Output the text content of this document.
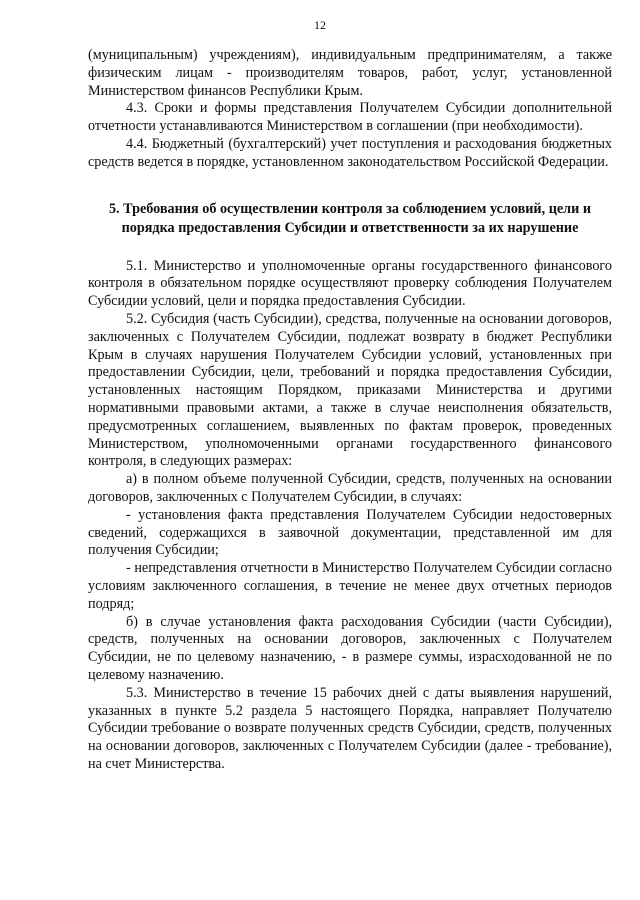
12

(муниципальным) учреждениям), индивидуальным предпринимателям, а также физическим лицам - производителям товаров, работ, услуг, установленной Министерством финансов Республики Крым.

4.3. Сроки и формы представления Получателем Субсидии дополнительной отчетности устанавливаются Министерством в соглашении (при необходимости).

4.4. Бюджетный (бухгалтерский) учет поступления и расходования бюджетных средств ведется в порядке, установленном законодательством Российской Федерации.

5. Требования об осуществлении контроля за соблюдением условий, цели и порядка предоставления Субсидии и ответственности за их нарушение

5.1. Министерство и уполномоченные органы государственного финансового контроля в обязательном порядке осуществляют проверку соблюдения Получателем Субсидии условий, цели и порядка предоставления Субсидии.

5.2. Субсидия (часть Субсидии), средства, полученные на основании договоров, заключенных с Получателем Субсидии, подлежат возврату в бюджет Республики Крым в случаях нарушения Получателем Субсидии условий, установленных при предоставлении Субсидии, цели, требований и порядка предоставления Субсидии, установленных настоящим Порядком, приказами Министерства и другими нормативными правовыми актами, а также в случае неисполнения обязательств, предусмотренных соглашением, выявленных по фактам проверок, проведенных Министерством, уполномоченными органами государственного финансового контроля, в следующих размерах:

а) в полном объеме полученной Субсидии, средств, полученных на основании договоров, заключенных с Получателем Субсидии, в случаях:

- установления факта представления Получателем Субсидии недостоверных сведений, содержащихся в заявочной документации, представленной им для получения Субсидии;

- непредставления отчетности в Министерство Получателем Субсидии согласно условиям заключенного соглашения, в течение не менее двух отчетных периодов подряд;

б) в случае установления факта расходования Субсидии (части Субсидии), средств, полученных на основании договоров, заключенных с Получателем Субсидии, не по целевому назначению, - в размере суммы, израсходованной не по целевому назначению.

5.3. Министерство в течение 15 рабочих дней с даты выявления нарушений, указанных в пункте 5.2 раздела 5 настоящего Порядка, направляет Получателю Субсидии требование о возврате полученных средств Субсидии, средств, полученных на основании договоров, заключенных с Получателем Субсидии (далее - требование), на счет Министерства.
